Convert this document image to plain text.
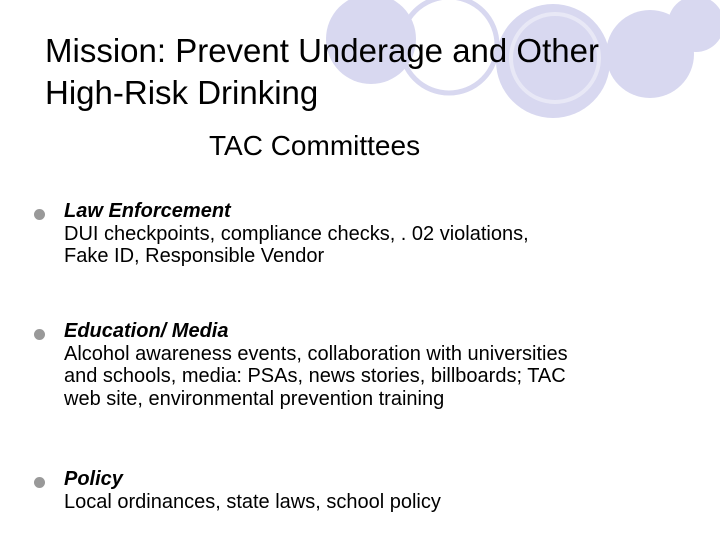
Mission: Prevent Underage and Other
High-Risk Drinking
TAC Committees
Law Enforcement
DUI checkpoints, compliance checks, . 02 violations,
Fake ID, Responsible Vendor
Education/ Media
Alcohol awareness events, collaboration with universities
and schools, media: PSAs, news stories, billboards; TAC
web site, environmental prevention training
Policy
Local ordinances, state laws, school policy
